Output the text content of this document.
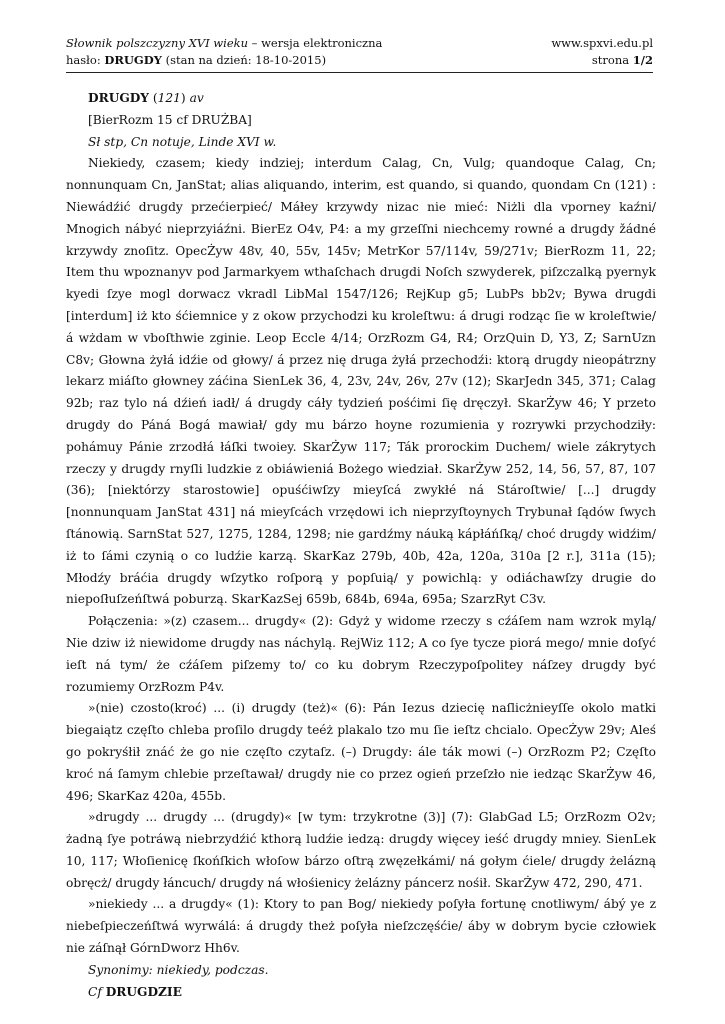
Słownik polszczyzny XVI wieku – wersja elektroniczna
hasło: DRUGDY (stan na dzień: 18-10-2015)
www.spxvi.edu.pl
strona 1/2

DRUGDY (121) av

[BierRozm 15 cf DRUŻBA]

Sł stp, Cn notuje, Linde XVI w.

Niekiedy, czasem; kiedy indziej; interdum Calag, Cn, Vulg; quandoque Calag, Cn; nonnunquam Cn, JanStat; alias aliquando, interim, est quando, si quando, quondam Cn (121) : Niewádźić drugdy przećierpieć/ Máłey krzywdy nizac nie mieć: Niżli dla vporney kaźni/ Mnogich nábyć nieprzyiáźni. BierEz O4v, P4: a my grzeſſni niechcemy rowné a drugdy žádné krzywdy znoſitz. OpecŻyw 48v, 40, 55v, 145v; MetrKor 57/114v, 59/271v; BierRozm 11, 22; Item thu wpoznanyv pod Jarmarkyem wthaſchach drugdi Noſch szwyderek, piſzczalką pyernyk kyedi ſzye mogl dorwacz vkradl LibMal 1547/126; RejKup g5; LubPs bb2v; Bywa drugdi [interdum] iż kto śćiemnice y z okow przychodzi ku kroleſtwu: á drugi rodząc ſie w kroleſtwie/ á wżdam w vboſthwie zginie. Leop Eccle 4/14; OrzRozm G4, R4; OrzQuin D, Y3, Z; SarnUzn C8v; Głowna żyłá idźie od głowy/ á przez nię druga żyłá przechodźi: ktorą drugdy nieopátrzny lekarz miáſto głowney záćina SienLek 36, 4, 23v, 24v, 26v, 27v (12); SkarJedn 345, 371; Calag 92b; raz tylo ná dźień iadł/ á drugdy cáły tydzień pośćimi ſię dręczył. SkarŻyw 46; Y przeto drugdy do Páná Bogá mawiał/ gdy mu bárzo hoyne rozumienia y rozrywki przychodziły: pohámuy Pánie zrzodłá łáſki twoiey. SkarŻyw 117; Ták prorockim Duchem/ wiele zákrytych rzeczy y drugdy rnyſli ludzkie z obiáwieniá Bożego wiedział. SkarŻyw 252, 14, 56, 57, 87, 107 (36); [niektórzy starostowie] opuśćiwſzy mieyſcá zwykłé ná Stároſtwie/ [...] drugdy [nonnunquam JanStat 431] ná mieyſcách vrzędowi ich nieprzyſtoynych Trybunał ſądów ſwych ſtánowią. SarnStat 527, 1275, 1284, 1298; nie gardźmy náuką kápłáńſką/ choć drugdy widźim/ iż to ſámi czynią o co ludźie karzą. SkarKaz 279b, 40b, 42a, 120a, 310a [2 r.], 311a (15); Młodźy bráćia drugdy wſzytko roſporą y popſuią/ y powichlą: y odiáchawſzy drugie do niepoſłuſzeńſtwá poburzą. SkarKazSej 659b, 684b, 694a, 695a; SzarzRyt C3v.

Połączenia: »(z) czasem... drugdy« (2): Gdyż y widome rzeczy s cźáſem nam wzrok mylą/ Nie dziw iż niewidome drugdy nas náchylą. RejWiz 112; A co ſye tycze piorá mego/ mnie doſyć ieſt ná tym/ że cźáſem piſzemy to/ co ku dobrym Rzeczypoſpolitey náſzey drugdy być rozumiemy OrzRozm P4v.

»(nie) czosto(kroć) ... (i) drugdy (też)« (6): Pán Iezus dziecię naſlicżnieyſſe okolo matki biegaiątz częſto chleba proſilo drugdy teéż plakalo tzo mu ſie ieſtz chcialo. OpecŻyw 29v; Aleś go pokryśłił znáć że go nie częſto czytaſz. (–) Drugdy: ále ták mowi (–) OrzRozm P2; Częſto kroć ná ſamym chlebie przeſtawał/ drugdy nie co przez ogień przeſzło nie iedząc SkarŻyw 46, 496; SkarKaz 420a, 455b.

»drugdy ... drugdy ... (drugdy)« [w tym: trzykrotne (3)] (7): GlabGad L5; OrzRozm O2v; żadną ſye potráwą niebrzydźić kthorą ludźie iedzą: drugdy więcey ieść drugdy mniey. SienLek 10, 117; Włoſienicę ſkońſkich włoſow bárzo oſtrą zwęzełkámi/ ná gołym ćiele/ drugdy żelázną obręcż/ drugdy łáncuch/ drugdy ná włośienicy żelázny páncerz nośił. SkarŻyw 472, 290, 471.

»niekiedy ... a drugdy« (1): Ktory to pan Bog/ niekiedy poſyła fortunę cnotliwym/ ábý ye z niebeſpieczeńſtwá wyrwálá: á drugdy theż poſyła nieſzczęśćie/ áby w dobrym bycie człowiek nie záſnął GórnDworz Hh6v.

Synonimy: niekiedy, podczas.

Cf DRUGDZIE
